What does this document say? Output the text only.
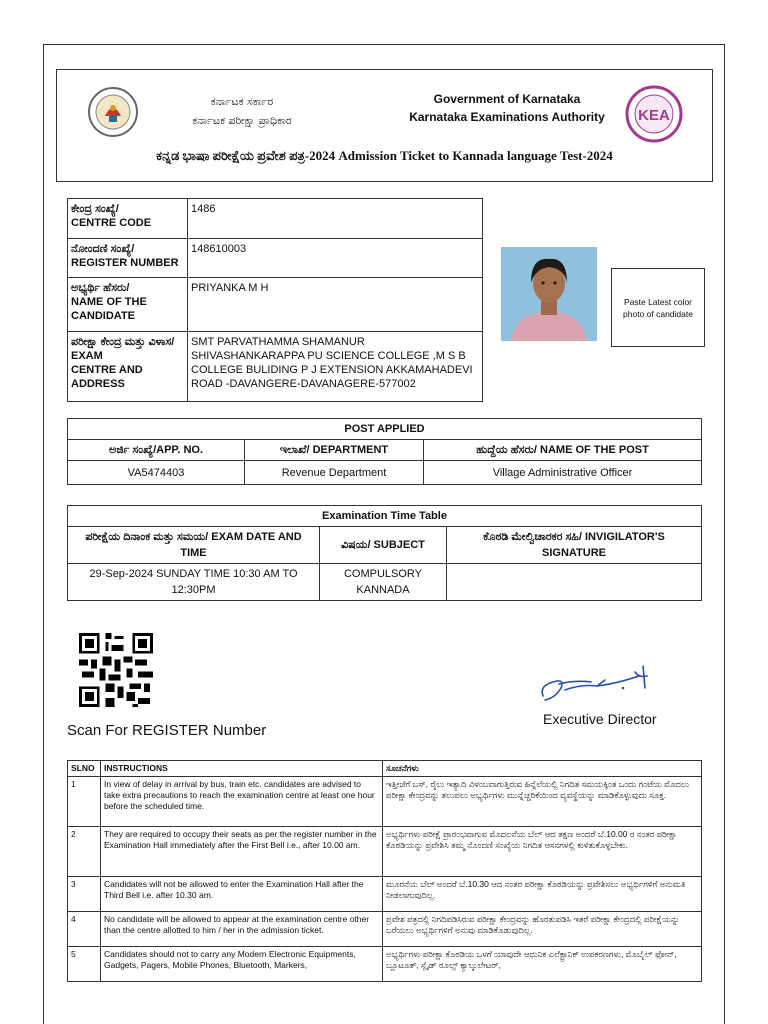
ಕರ್ನಾಟಕ ಸರ್ಕಾರ
ಕರ್ನಾಟಕ ಪರೀಕ್ಷಾ ಪ್ರಾಧಿಕಾರ
Government of Karnataka
Karnataka Examinations Authority	KEA
ಕನ್ನಡ ಭಾಷಾ ಪರೀಕ್ಷೆಯ ಪ್ರವೇಶ ಪತ್ರ-2024 Admission Ticket to Kannada language Test-2024
ಕೇಂದ್ರ ಸಂಖ್ಯೆ/
CENTRE CODE	1486
ನೋಂದಣಿ ಸಂಖ್ಯೆ/
REGISTER NUMBER	148610003
ಅಭ್ಯರ್ಥಿ ಹೆಸರು/
NAME OF THE CANDIDATE	PRIYANKA M H
ಪರೀಕ್ಷಾ ಕೇಂದ್ರ ಮತ್ತು ವಿಳಾಸ/ EXAM
CENTRE AND ADDRESS	SMT PARVATHAMMA SHAMANUR SHIVASHANKARAPPA PU SCIENCE COLLEGE ,M S B COLLEGE BULIDING P J EXTENSION AKKAMAHADEVI ROAD -DAVANGERE-DAVANAGERE-577002
Paste Latest color photo of candidate
POST APPLIED		
ಅರ್ಜಿ ಸಂಖ್ಯೆ/APP. NO.	ಇಲಾಖೆ/ DEPARTMENT	ಹುದ್ದೆಯ ಹೆಸರು/ NAME OF THE POST
VA5474403	Revenue Department	Village Administrative Officer
Examination Time Table		
ಪರೀಕ್ಷೆಯ ದಿನಾಂಕ ಮತ್ತು ಸಮಯ/ EXAM DATE AND TIME	ವಿಷಯ/ SUBJECT	ಕೊಠಡಿ ಮೇಲ್ವಿಚಾರಕರ ಸಹಿ/ INVIGILATOR'S SIGNATURE
29-Sep-2024 SUNDAY TIME 10:30 AM TO 12:30PM	COMPULSORY KANNADA	
Scan For REGISTER Number
Executive Director
SLNO	INSTRUCTIONS	ಸೂಚನೆಗಳು
1	In view of delay in arrival by bus, train etc. candidates are advised to take extra precautions to reach the examination centre at least one hour before the scheduled time.	ಇತ್ತೀಚೆಗೆ ಬಸ್, ರೈಲು ಇತ್ಯಾದಿ ವಿಳಂಬವಾಗುತ್ತಿರುವ ಹಿನ್ನೆಲೆಯಲ್ಲಿ ನಿಗದಿತ ಸಮಯಕ್ಕಿಂತ ಒಂದು ಗಂಟೆಯ ಮೊದಲು ಪರೀಕ್ಷಾ ಕೇಂದ್ರವನ್ನು ತಲುಪಲು ಅಭ್ಯರ್ಥಿಗಳು ಮುನ್ನೆಚ್ಚರಿಕೆಯಿಂದ ವ್ಯವಸ್ಥೆಯನ್ನು ಮಾಡಿಕೊಳ್ಳುವುದು ಸೂಕ್ತ.
2	They are required to occupy their seats as per the register number in the Examination Hall immediately after the First Bell i.e., after 10.00 am.	ಅಭ್ಯರ್ಥಿಗಳು ಪರೀಕ್ಷೆ ಪ್ರಾರಂಭವಾಗುವ ಮೊದಲನೆಯ ಬೆಲ್ ಆದ ತಕ್ಷಣ ಅಂದರೆ ಬೆ.10.00 ರ ನಂತರ ಪರೀಕ್ಷಾ ಕೊಠಡಿಯನ್ನು ಪ್ರವೇಶಿಸಿ ತಮ್ಮ ನೊಂದಣಿ ಸಂಖ್ಯೆಯ ನಿಗದಿತ ಆಸನಗಳಲ್ಲಿ ಕುಳಿತುಕೊಳ್ಳಬೇಕು.
3	Candidates will not be allowed to enter the Examination Hall after the Third Bell i.e. after 10.30 am.	ಮೂರನೆಯ ಬೆಲ್ ಅಂದರೆ ಬೆ.10.30 ಆದ ನಂತರ ಪರೀಕ್ಷಾ ಕೊಠಡಿಯನ್ನು ಪ್ರವೇಶಿಸಲು ಅಭ್ಯರ್ಥಿಗಳಿಗೆ ಅನುಮತಿ ನೀಡಲಾಗುವುದಿಲ್ಲ.
4	No candidate will be allowed to appear at the examination centre other than the centre allotted to him / her in the admission ticket.	ಪ್ರವೇಶ ಪತ್ರದಲ್ಲಿ ನಿಗದಿಪಡಿಸಿರುವ ಪರೀಕ್ಷಾ ಕೇಂದ್ರವನ್ನು ಹೊರತುಪಡಿಸಿ ಇತರೆ ಪರೀಕ್ಷಾ ಕೇಂದ್ರದಲ್ಲಿ ಪರೀಕ್ಷೆಯನ್ನು ಬರೆಯಲು ಅಭ್ಯರ್ಥಿಗಳಿಗೆ ಅನುವು ಮಾಡಿಕೊಡುವುದಿಲ್ಲ.
5	Candidates should not to carry any Modern Electronic Equipments, Gadgets, Pagers, Mobile Phones, Bluetooth, Markers,	ಅಭ್ಯರ್ಥಿಗಳು ಪರೀಕ್ಷಾ ಕೊಠಡಿಯ ಒಳಗೆ ಯಾವುದೇ ಆಧುನಿಕ ಎಲೆಕ್ಟ್ರಾನಿಕ್ ಉಪಕರಣಗಳು, ಮೊಬೈಲ್ ಫೋನ್, ಬ್ಲೂಟೂತ್, ಸ್ಲೈಡ್ ರೂಲ್ಸ್ ಕ್ಯಾಲ್ಕುಲೇಟರ್,
